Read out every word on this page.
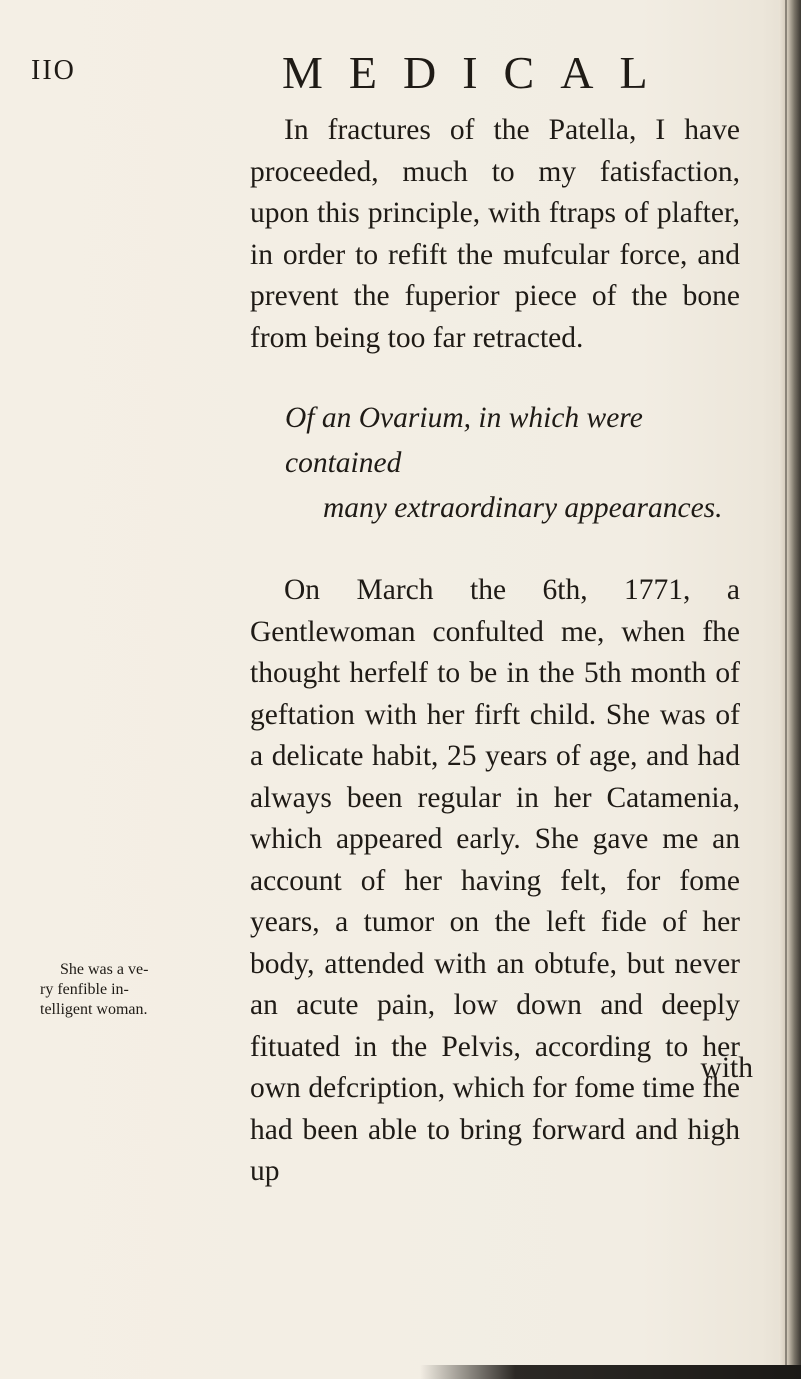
IIO	MEDICAL
In fractures of the Patella, I have proceeded, much to my fatisfaction, upon this principle, with ftraps of plafter, in order to refift the mufcular force, and prevent the fuperior piece of the bone from being too far retracted.
Of an Ovarium, in which were contained
many extraordinary appearances.
On March the 6th, 1771, a Gentlewoman confulted me, when fhe thought herfelf to be in the 5th month of geftation with her firft child. She was of a delicate habit, 25 years of age, and had always been regular in her Catamenia, which appeared early. She gave me an account of her having felt, for fome years, a tumor on the left fide of her body, attended with an obtufe, but never an acute pain, low down and deeply fituated in the Pelvis, according to her own defcription, which for fome time fhe had been able to bring forward and high up
She was a ve-
ry fenfible in-
telligent woman.
with
